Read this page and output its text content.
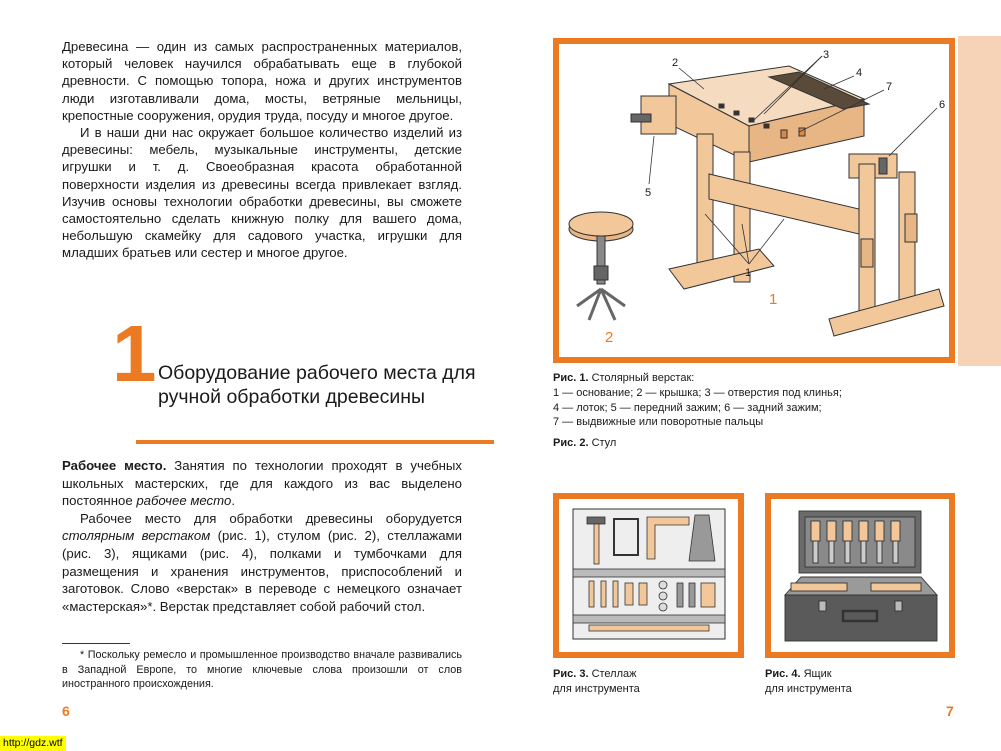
Древесина — один из самых распространенных материалов, который человек научился обрабатывать еще в глубокой древности. С помощью топора, ножа и других инструментов люди изготавливали дома, мосты, ветряные мельницы, крепостные сооружения, орудия труда, посуду и многое другое.

И в наши дни нас окружает большое количество изделий из древесины: мебель, музыкальные инструменты, детские игрушки и т. д. Своеобразная красота обработанной поверхности изделия из древесины всегда привлекает взгляд. Изучив основы технологии обработки древесины, вы сможете самостоятельно сделать книжную полку для вашего дома, небольшую скамейку для садового участка, игрушки для младших братьев или сестер и многое другое.

1 Оборудование рабочего места для ручной обработки древесины

Рабочее место. Занятия по технологии проходят в учебных школьных мастерских, где для каждого из вас выделено постоянное рабочее место.

Рабочее место для обработки древесины оборудуется столярным верстаком (рис. 1), стулом (рис. 2), стеллажами (рис. 3), ящиками (рис. 4), полками и тумбочками для размещения и хранения инструментов, приспособлений и заготовок. Слово «верстак» в переводе с немецкого означает «мастерская»*. Верстак представляет собой рабочий стол.

* Поскольку ремесло и промышленное производство вначале развивались в Западной Европе, то многие ключевые слова произошли от слов иностранного происхождения.
6	7
http://gdz.wtf
2
3
4
7
6
5
1
1
2
Рис. 1. Столярный верстак:
1 — основание; 2 — крышка; 3 — отверстия под клинья;
4 — лоток; 5 — передний зажим; 6 — задний зажим;
7 — выдвижные или поворотные пальцы
Рис. 2. Стул
Рис. 3. Стеллаж
для инструмента
Рис. 4. Ящик
для инструмента
